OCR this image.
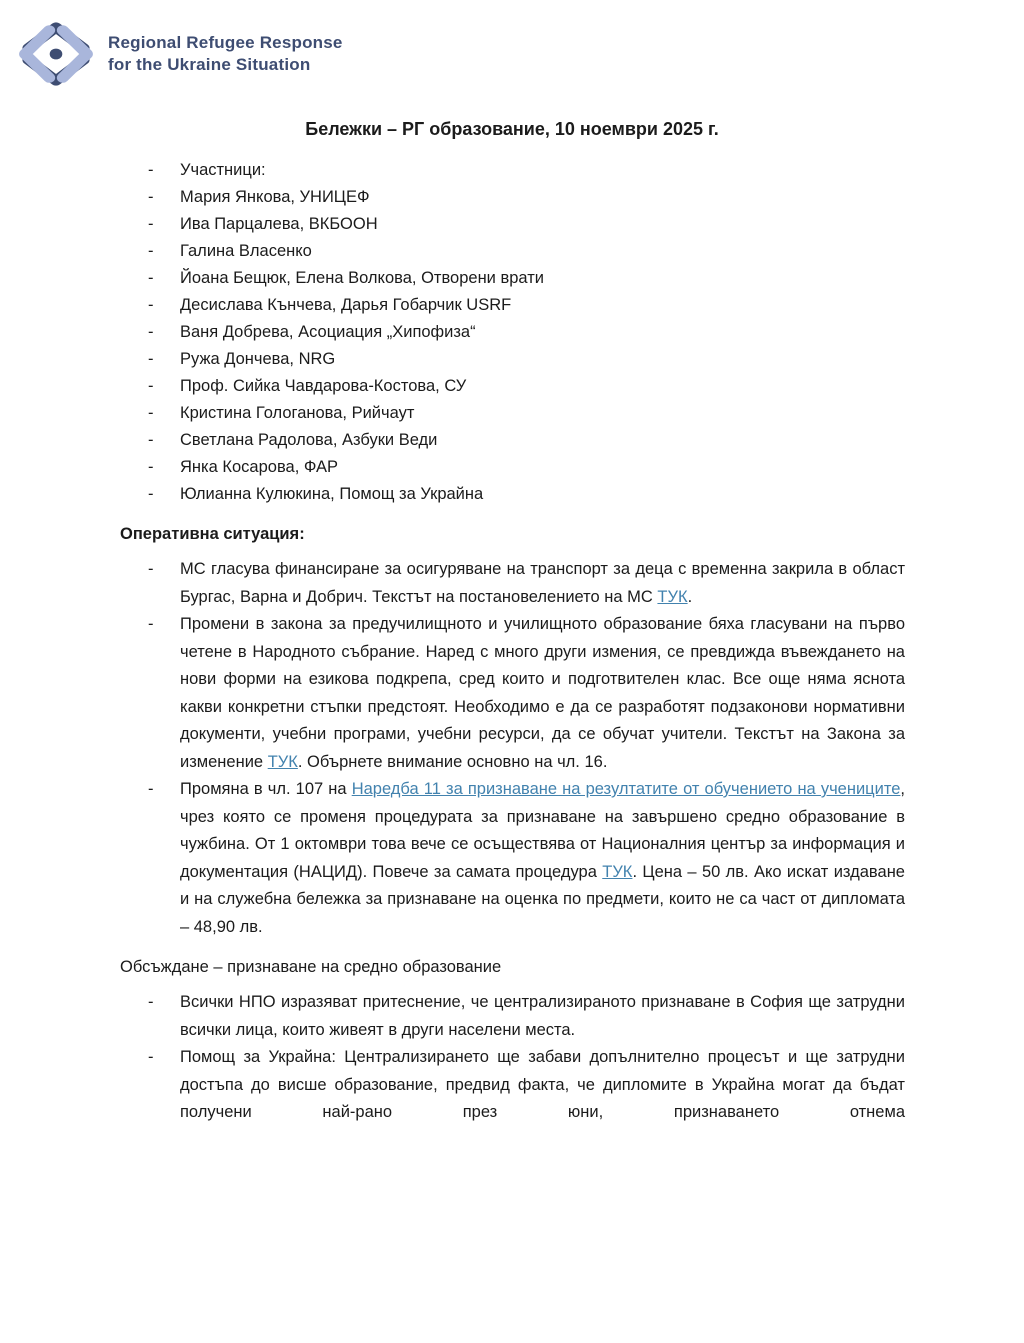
Regional Refugee Response
for the Ukraine Situation
Бележки – РГ образование, 10 ноември 2025 г.
- Участници:
- Мария Янкова, УНИЦЕФ
- Ива Парцалева, ВКБООН
- Галина Власенко
- Йоана Бещюк, Елена Волкова, Отворени врати
- Десислава Кънчева, Дарья Гобарчик USRF
- Ваня Добрева, Асоциация „Хипофиза“
- Ружа Дончева, NRG
- Проф. Сийка Чавдарова-Костова, СУ
- Кристина Гологанова, Рийчаут
- Светлана Радолова, Азбуки Веди
- Янка Косарова, ФАР
- Юлианна Кулюкина, Помощ за Украйна
Оперативна ситуация:
- МС гласува финансиране за осигуряване на транспорт за деца с временна закрила в област Бургас, Варна и Добрич. Текстът на постановелението на МС ТУК.
- Промени в закона за предучилищното и училищното образование бяха гласувани на първо четене в Народното събрание. Наред с много други измения, се превдижда въвеждането на нови форми на езикова подкрепа, сред които и подготвителен клас. Все още няма яснота какви конкретни стъпки предстоят. Необходимо е да се разработят подзаконови нормативни документи, учебни програми, учебни ресурси, да се обучат учители. Текстът на Закона за изменение ТУК. Обърнете внимание основно на чл. 16.
- Промяна в чл. 107 на Наредба 11 за признаване на резултатите от обучението на учениците, чрез която се променя процедурата за признаване на завършено средно образование в чужбина. От 1 октомври това вече се осъществява от Националния център за информация и документация (НАЦИД). Повече за самата процедура ТУК. Цена – 50 лв. Ако искат издаване и на служебна бележка за признаване на оценка по предмети, които не са част от дипломата – 48,90 лв.
Обсъждане – признаване на средно образование
- Всички НПО изразяват притеснение, че централизираното признаване в София ще затрудни всички лица, които живеят в други населени места.
- Помощ за Украйна: Централизирането ще забави допълнително процесът и ще затрудни достъпа до висше образование, предвид факта, че дипломите в Украйна могат да бъдат получени най-рано през юни, признаването отнема
